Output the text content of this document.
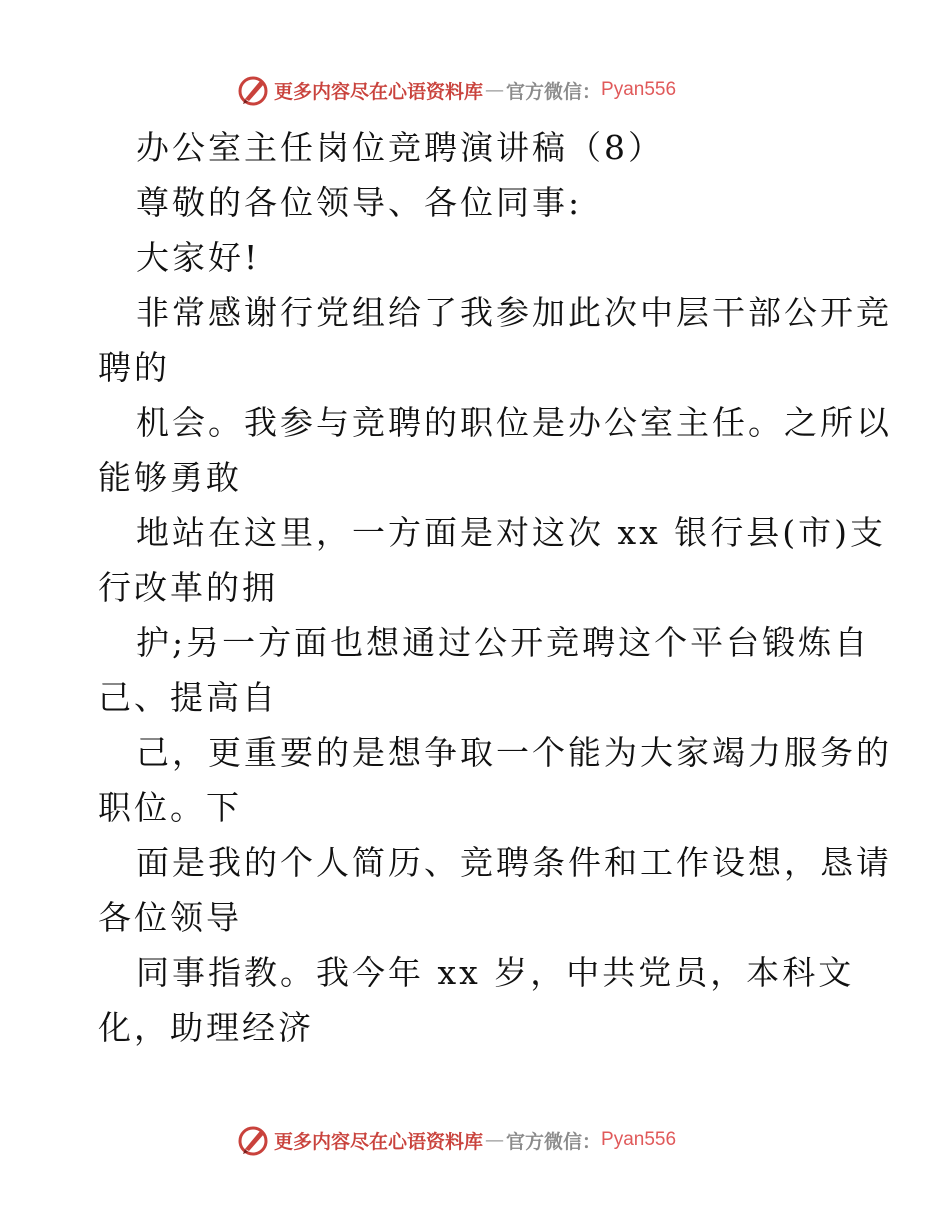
更多内容尽在心语资料库 — 官方微信： Pyan556
办公室主任岗位竞聘演讲稿（8）
尊敬的各位领导、各位同事:
大家好!
非常感谢行党组给了我参加此次中层干部公开竞
聘的
机会。我参与竞聘的职位是办公室主任。之所以
能够勇敢
地站在这里，一方面是对这次 xx 银行县(市)支
行改革的拥
护;另一方面也想通过公开竞聘这个平台锻炼自
己、提高自
己，更重要的是想争取一个能为大家竭力服务的
职位。下
面是我的个人简历、竞聘条件和工作设想，恳请
各位领导
同事指教。我今年 xx 岁，中共党员，本科文
化，助理经济
更多内容尽在心语资料库 — 官方微信： Pyan556
